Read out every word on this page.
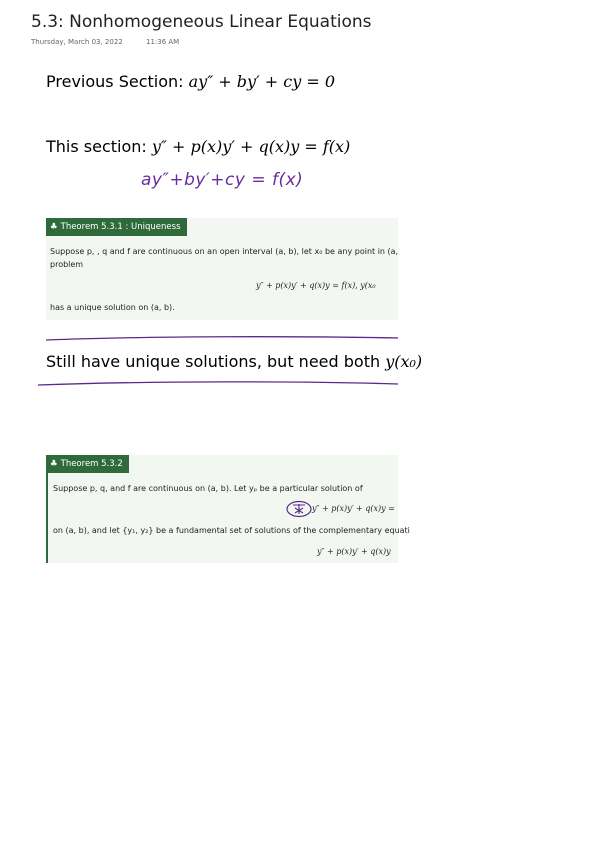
5.3: Nonhomogeneous Linear Equations
Thursday, March 03, 2022	11:36 AM
Previous Section: ay″ + by′ + cy = 0
This section: y″ + p(x)y′ + q(x)y = f(x)
ay″+by′+cy = f(x)
♣ Theorem 5.3.1 : Uniqueness
Suppose p, , q and f are continuous on an open interval (a, b), let x₀ be any point in (a,
problem
y″ + p(x)y′ + q(x)y = f(x), y(x₀
has a unique solution on (a, b).
Still have unique solutions, but need both y(x₀)
♣ Theorem 5.3.2
Suppose p, q, and f are continuous on (a, b). Let yₚ be a particular solution of
y″ + p(x)y′ + q(x)y =
on (a, b), and let {y₁, y₂} be a fundamental set of solutions of the complementary equati
y″ + p(x)y′ + q(x)y
